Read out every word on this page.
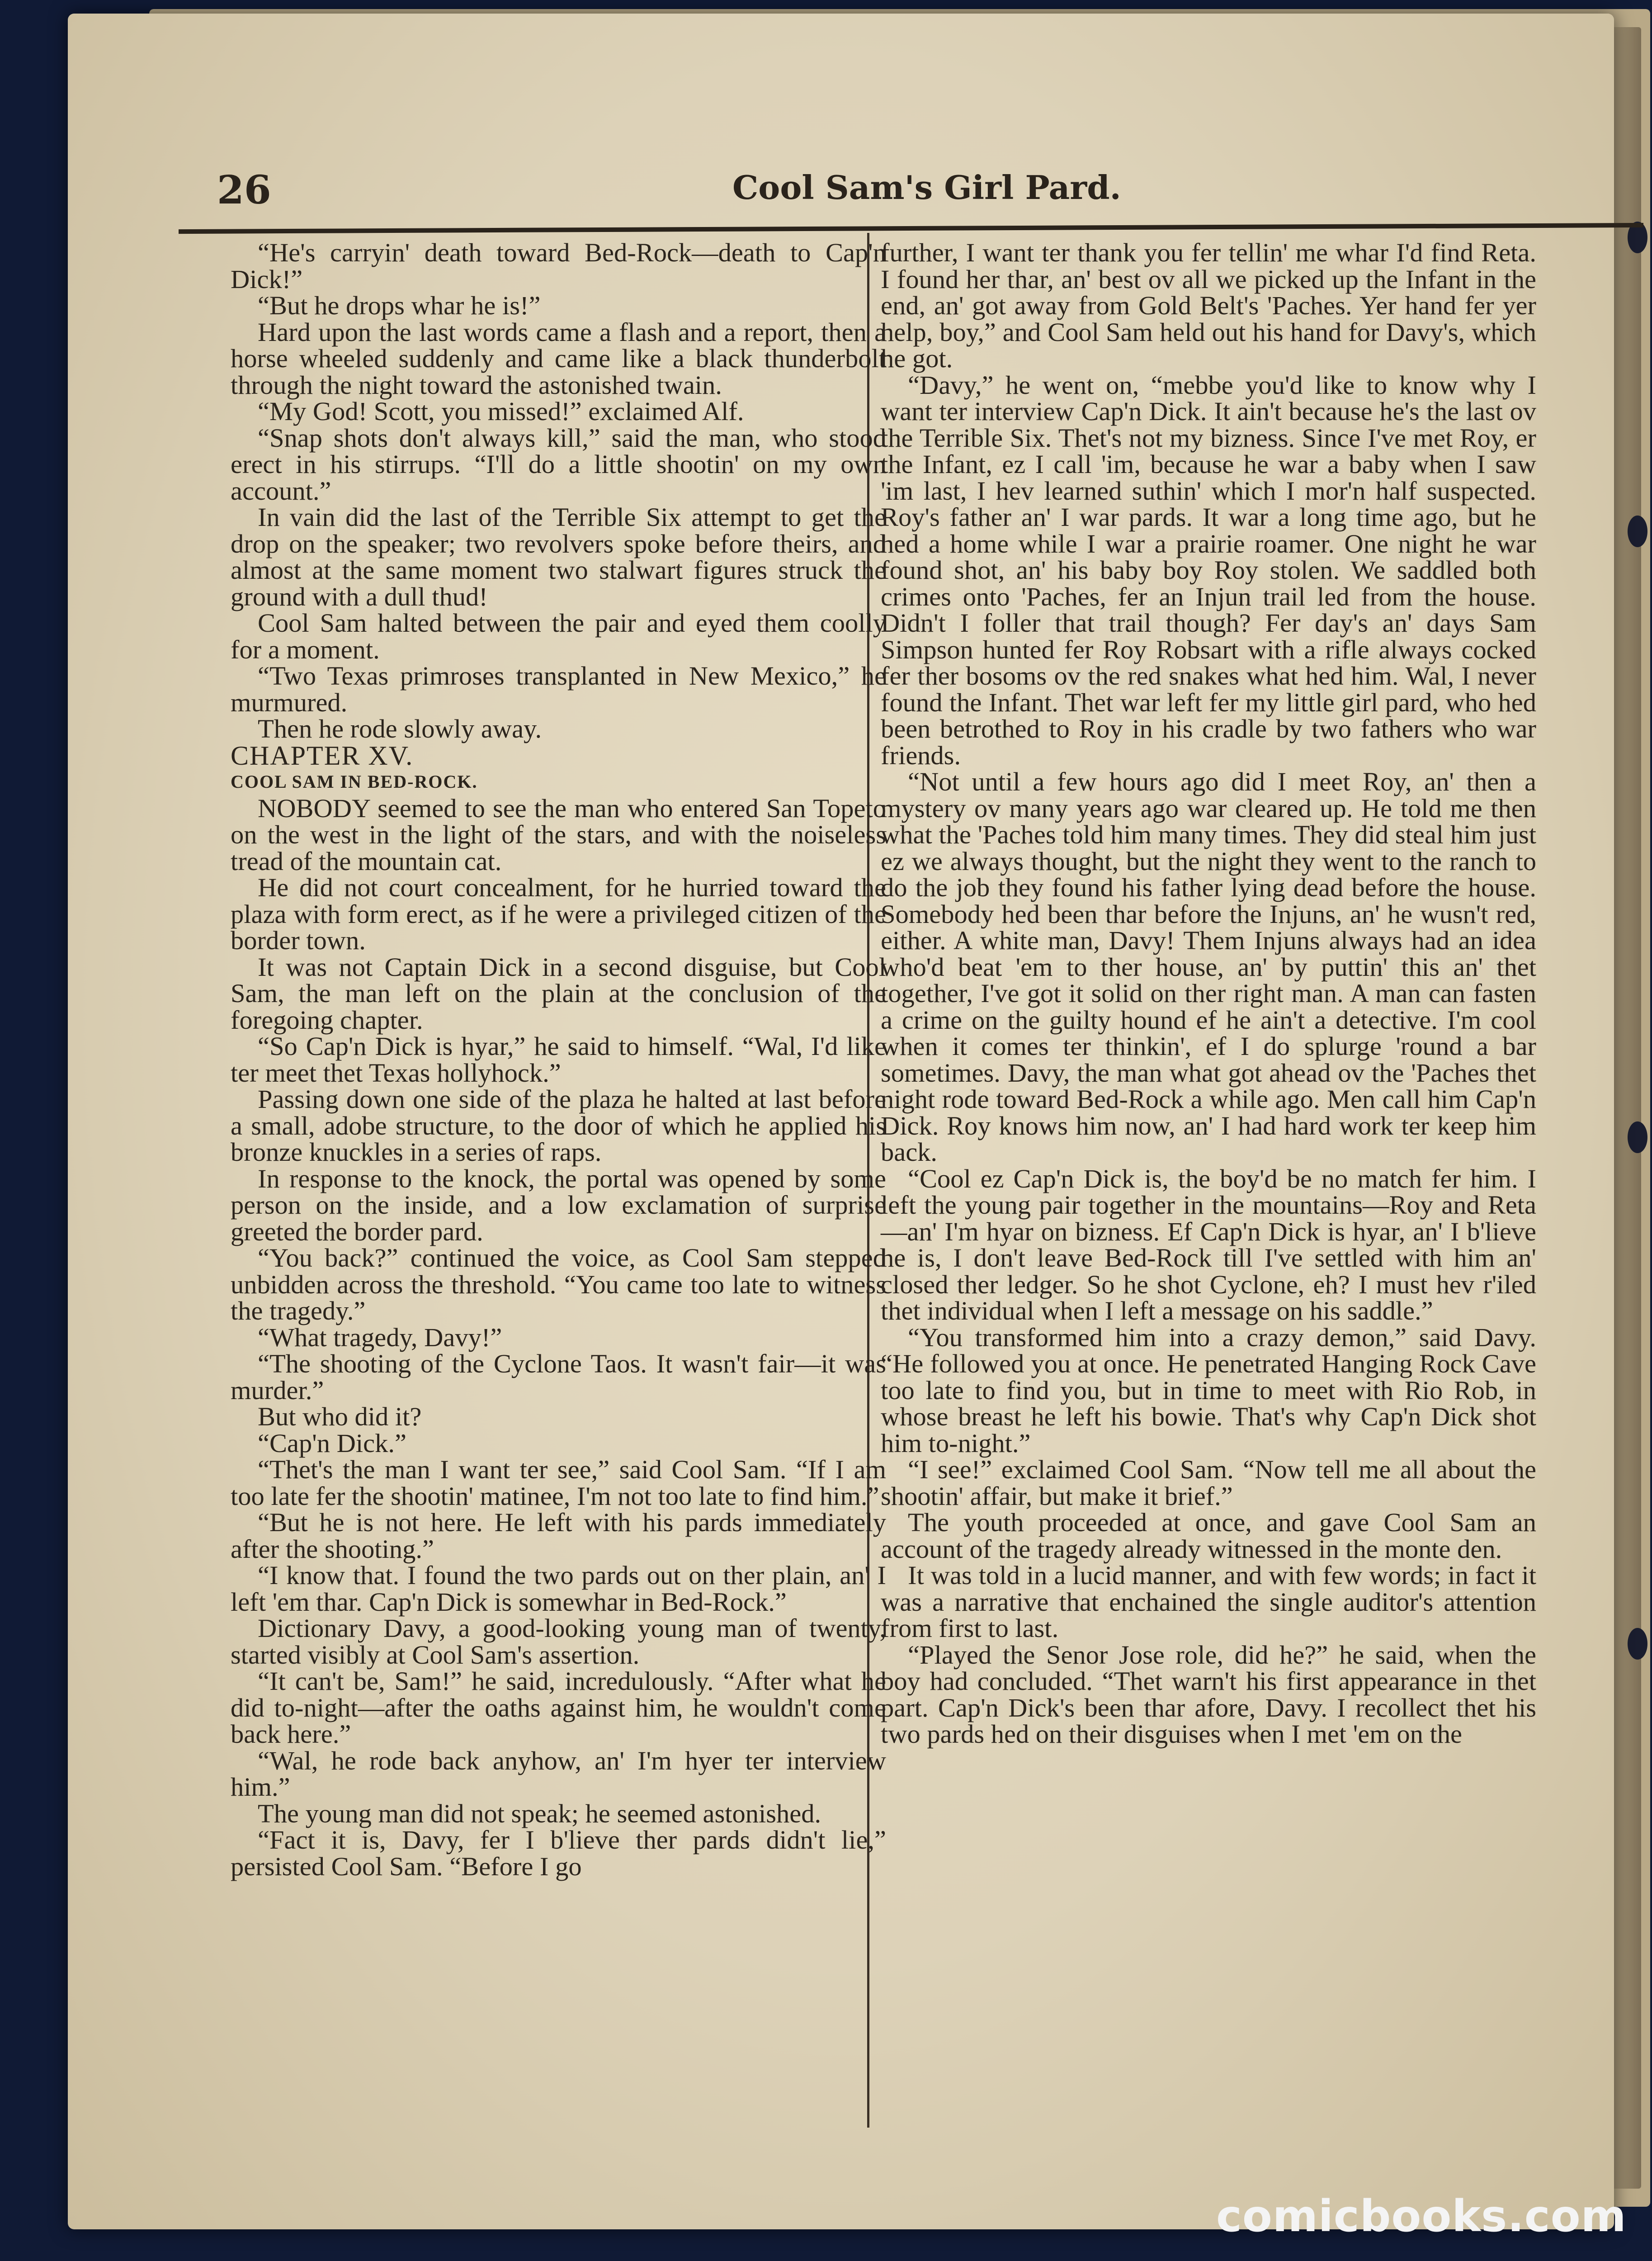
26	Cool Sam's Girl Pard.

“He's carryin' death toward Bed-Rock—death to Cap'n Dick!”

“But he drops whar he is!”

Hard upon the last words came a flash and a report, then a horse wheeled suddenly and came like a black thunderbolt through the night toward the astonished twain.

“My God! Scott, you missed!” exclaimed Alf.

“Snap shots don't always kill,” said the man, who stood erect in his stirrups. “I'll do a little shootin' on my own account.”

In vain did the last of the Terrible Six attempt to get the drop on the speaker; two revolvers spoke before theirs, and almost at the same moment two stalwart figures struck the ground with a dull thud!

Cool Sam halted between the pair and eyed them coolly for a moment.

“Two Texas primroses transplanted in New Mexico,” he murmured.

Then he rode slowly away.

CHAPTER XV.

COOL SAM IN BED-ROCK.

NOBODY seemed to see the man who entered San Topeto on the west in the light of the stars, and with the noiseless tread of the mountain cat.

He did not court concealment, for he hurried toward the plaza with form erect, as if he were a privileged citizen of the border town.

It was not Captain Dick in a second disguise, but Cool Sam, the man left on the plain at the conclusion of the foregoing chapter.

“So Cap'n Dick is hyar,” he said to himself. “Wal, I'd like ter meet thet Texas hollyhock.”

Passing down one side of the plaza he halted at last before a small, adobe structure, to the door of which he applied his bronze knuckles in a series of raps.

In response to the knock, the portal was opened by some person on the inside, and a low exclamation of surprise greeted the border pard.

“You back?” continued the voice, as Cool Sam stepped unbidden across the threshold. “You came too late to witness the tragedy.”

“What tragedy, Davy!”

“The shooting of the Cyclone Taos. It wasn't fair—it was murder.”

But who did it?

“Cap'n Dick.”

“Thet's the man I want ter see,” said Cool Sam. “If I am too late fer the shootin' matinee, I'm not too late to find him.”

“But he is not here. He left with his pards immediately after the shooting.”

“I know that. I found the two pards out on ther plain, an' I left 'em thar. Cap'n Dick is somewhar in Bed-Rock.”

Dictionary Davy, a good-looking young man of twenty, started visibly at Cool Sam's assertion.

“It can't be, Sam!” he said, incredulously. “After what he did to-night—after the oaths against him, he wouldn't come back here.”

“Wal, he rode back anyhow, an' I'm hyer ter interview him.”

The young man did not speak; he seemed astonished.

“Fact it is, Davy, fer I b'lieve ther pards didn't lie,” persisted Cool Sam. “Before I go

further, I want ter thank you fer tellin' me whar I'd find Reta. I found her thar, an' best ov all we picked up the Infant in the end, an' got away from Gold Belt's 'Paches. Yer hand fer yer help, boy,” and Cool Sam held out his hand for Davy's, which he got.

“Davy,” he went on, “mebbe you'd like to know why I want ter interview Cap'n Dick. It ain't because he's the last ov the Terrible Six. Thet's not my bizness. Since I've met Roy, er the Infant, ez I call 'im, because he war a baby when I saw 'im last, I hev learned suthin' which I mor'n half suspected. Roy's father an' I war pards. It war a long time ago, but he hed a home while I war a prairie roamer. One night he war found shot, an' his baby boy Roy stolen. We saddled both crimes onto 'Paches, fer an Injun trail led from the house. Didn't I foller that trail though? Fer day's an' days Sam Simpson hunted fer Roy Robsart with a rifle always cocked fer ther bosoms ov the red snakes what hed him. Wal, I never found the Infant. Thet war left fer my little girl pard, who hed been betrothed to Roy in his cradle by two fathers who war friends.

“Not until a few hours ago did I meet Roy, an' then a mystery ov many years ago war cleared up. He told me then what the 'Paches told him many times. They did steal him just ez we always thought, but the night they went to the ranch to do the job they found his father lying dead before the house. Somebody hed been thar before the Injuns, an' he wusn't red, either. A white man, Davy! Them Injuns always had an idea who'd beat 'em to ther house, an' by puttin' this an' thet together, I've got it solid on ther right man. A man can fasten a crime on the guilty hound ef he ain't a detective. I'm cool when it comes ter thinkin', ef I do splurge 'round a bar sometimes. Davy, the man what got ahead ov the 'Paches thet night rode toward Bed-Rock a while ago. Men call him Cap'n Dick. Roy knows him now, an' I had hard work ter keep him back.

“Cool ez Cap'n Dick is, the boy'd be no match fer him. I left the young pair together in the mountains—Roy and Reta—an' I'm hyar on bizness. Ef Cap'n Dick is hyar, an' I b'lieve he is, I don't leave Bed-Rock till I've settled with him an' closed ther ledger. So he shot Cyclone, eh? I must hev r'iled thet individual when I left a message on his saddle.”

“You transformed him into a crazy demon,” said Davy. “He followed you at once. He penetrated Hanging Rock Cave too late to find you, but in time to meet with Rio Rob, in whose breast he left his bowie. That's why Cap'n Dick shot him to-night.”

“I see!” exclaimed Cool Sam. “Now tell me all about the shootin' affair, but make it brief.”

The youth proceeded at once, and gave Cool Sam an account of the tragedy already witnessed in the monte den.

It was told in a lucid manner, and with few words; in fact it was a narrative that enchained the single auditor's attention from first to last.

“Played the Senor Jose role, did he?” he said, when the boy had concluded. “Thet warn't his first appearance in thet part. Cap'n Dick's been thar afore, Davy. I recollect thet his two pards hed on their disguises when I met 'em on the

comicbooks.com
